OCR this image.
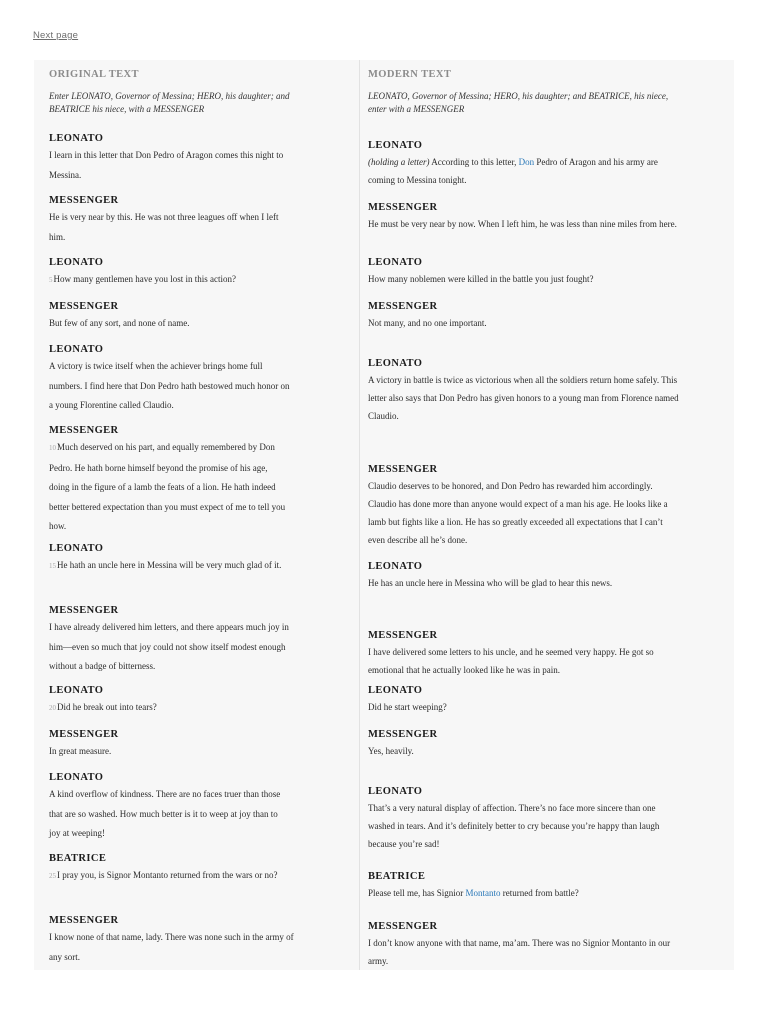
Next page
ORIGINAL TEXT
Enter LEONATO, Governor of Messina; HERO, his daughter; and BEATRICE his niece, with a MESSENGER
LEONATO
I learn in this letter that Don Pedro of Aragon comes this night to Messina.
MESSENGER
He is very near by this. He was not three leagues off when I left him.
LEONATO
5How many gentlemen have you lost in this action?
MESSENGER
But few of any sort, and none of name.
LEONATO
A victory is twice itself when the achiever brings home full numbers. I find here that Don Pedro hath bestowed much honor on a young Florentine called Claudio.
MESSENGER
10Much deserved on his part, and equally remembered by Don Pedro. He hath borne himself beyond the promise of his age, doing in the figure of a lamb the feats of a lion. He hath indeed better bettered expectation than you must expect of me to tell you how.
LEONATO
15He hath an uncle here in Messina will be very much glad of it.
MESSENGER
I have already delivered him letters, and there appears much joy in him—even so much that joy could not show itself modest enough without a badge of bitterness.
LEONATO
20Did he break out into tears?
MESSENGER
In great measure.
LEONATO
A kind overflow of kindness. There are no faces truer than those that are so washed. How much better is it to weep at joy than to joy at weeping!
BEATRICE
25I pray you, is Signor Montanto returned from the wars or no?
MESSENGER
I know none of that name, lady. There was none such in the army of any sort.
MODERN TEXT
LEONATO, Governor of Messina; HERO, his daughter; and BEATRICE, his niece, enter with a MESSENGER
LEONATO
(holding a letter) According to this letter, Don Pedro of Aragon and his army are coming to Messina tonight.
MESSENGER
He must be very near by now. When I left him, he was less than nine miles from here.
LEONATO
How many noblemen were killed in the battle you just fought?
MESSENGER
Not many, and no one important.
LEONATO
A victory in battle is twice as victorious when all the soldiers return home safely. This letter also says that Don Pedro has given honors to a young man from Florence named Claudio.
MESSENGER
Claudio deserves to be honored, and Don Pedro has rewarded him accordingly. Claudio has done more than anyone would expect of a man his age. He looks like a lamb but fights like a lion. He has so greatly exceeded all expectations that I can’t even describe all he’s done.
LEONATO
He has an uncle here in Messina who will be glad to hear this news.
MESSENGER
I have delivered some letters to his uncle, and he seemed very happy. He got so emotional that he actually looked like he was in pain.
LEONATO
Did he start weeping?
MESSENGER
Yes, heavily.
LEONATO
That’s a very natural display of affection. There’s no face more sincere than one washed in tears. And it’s definitely better to cry because you’re happy than laugh because you’re sad!
BEATRICE
Please tell me, has Signior Montanto returned from battle?
MESSENGER
I don’t know anyone with that name, ma’am. There was no Signior Montanto in our army.
